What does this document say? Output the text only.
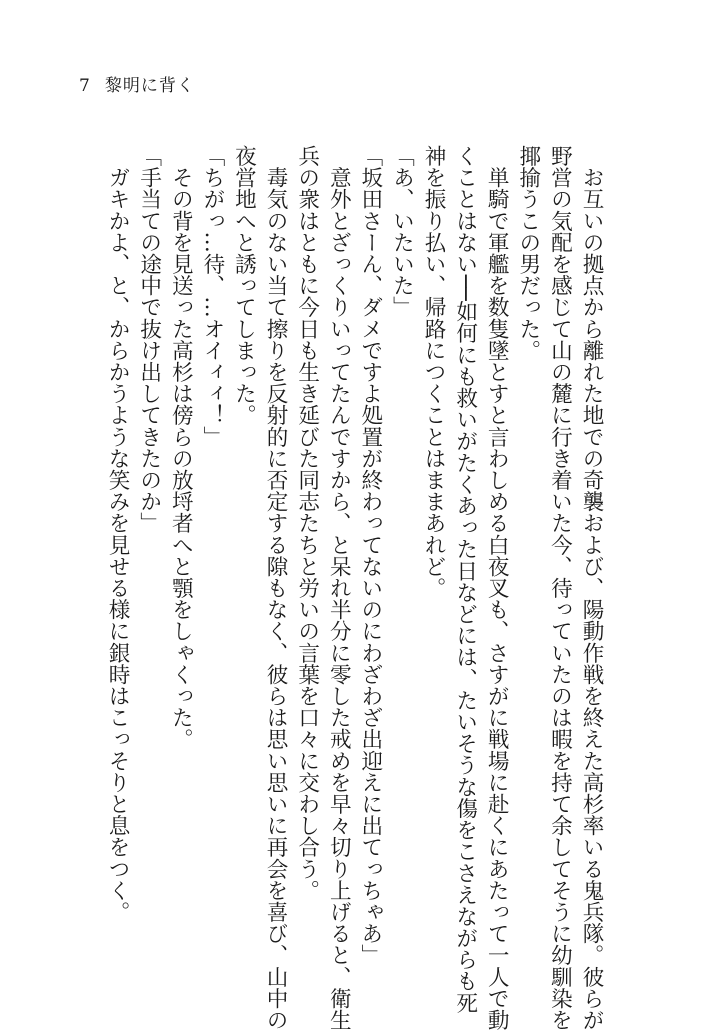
7 黎明に背く

　お互いの拠点から離れた地での奇襲および、陽動作戦を終えた高杉率いる鬼兵隊。彼らが

野営の気配を感じて山の麓に行き着いた今、待っていたのは暇を持て余してそうに幼馴染を

揶揄うこの男だった。

　単騎で軍艦を数隻墜とすと言わしめる白夜叉も、さすがに戦場に赴くにあたって一人で動

くことはない──如何にも救いがたくあった日などには、たいそうな傷をこさえながらも死

神を振り払い、帰路につくことはままあれど。

「あ、いたいた」

「坂田さーん、ダメですよ処置が終わってないのにわざわざ出迎えに出てっちゃあ」

　意外とざっくりいってたんですから、と呆れ半分に零した戒めを早々切り上げると、衛生

兵の衆はともに今日も生き延びた同志たちと労いの言葉を口々に交わし合う。

　毒気のない当て擦りを反射的に否定する隙もなく、彼らは思い思いに再会を喜び、山中の

夜営地へと誘ってしまった。

「ちがっ…待、…オイィィ！」

　その背を見送った高杉は傍らの放埒者へと顎をしゃくった。

「手当ての途中で抜け出してきたのか」

　ガキかよ、と、からかうような笑みを見せる様に銀時はこっそりと息をつく。
